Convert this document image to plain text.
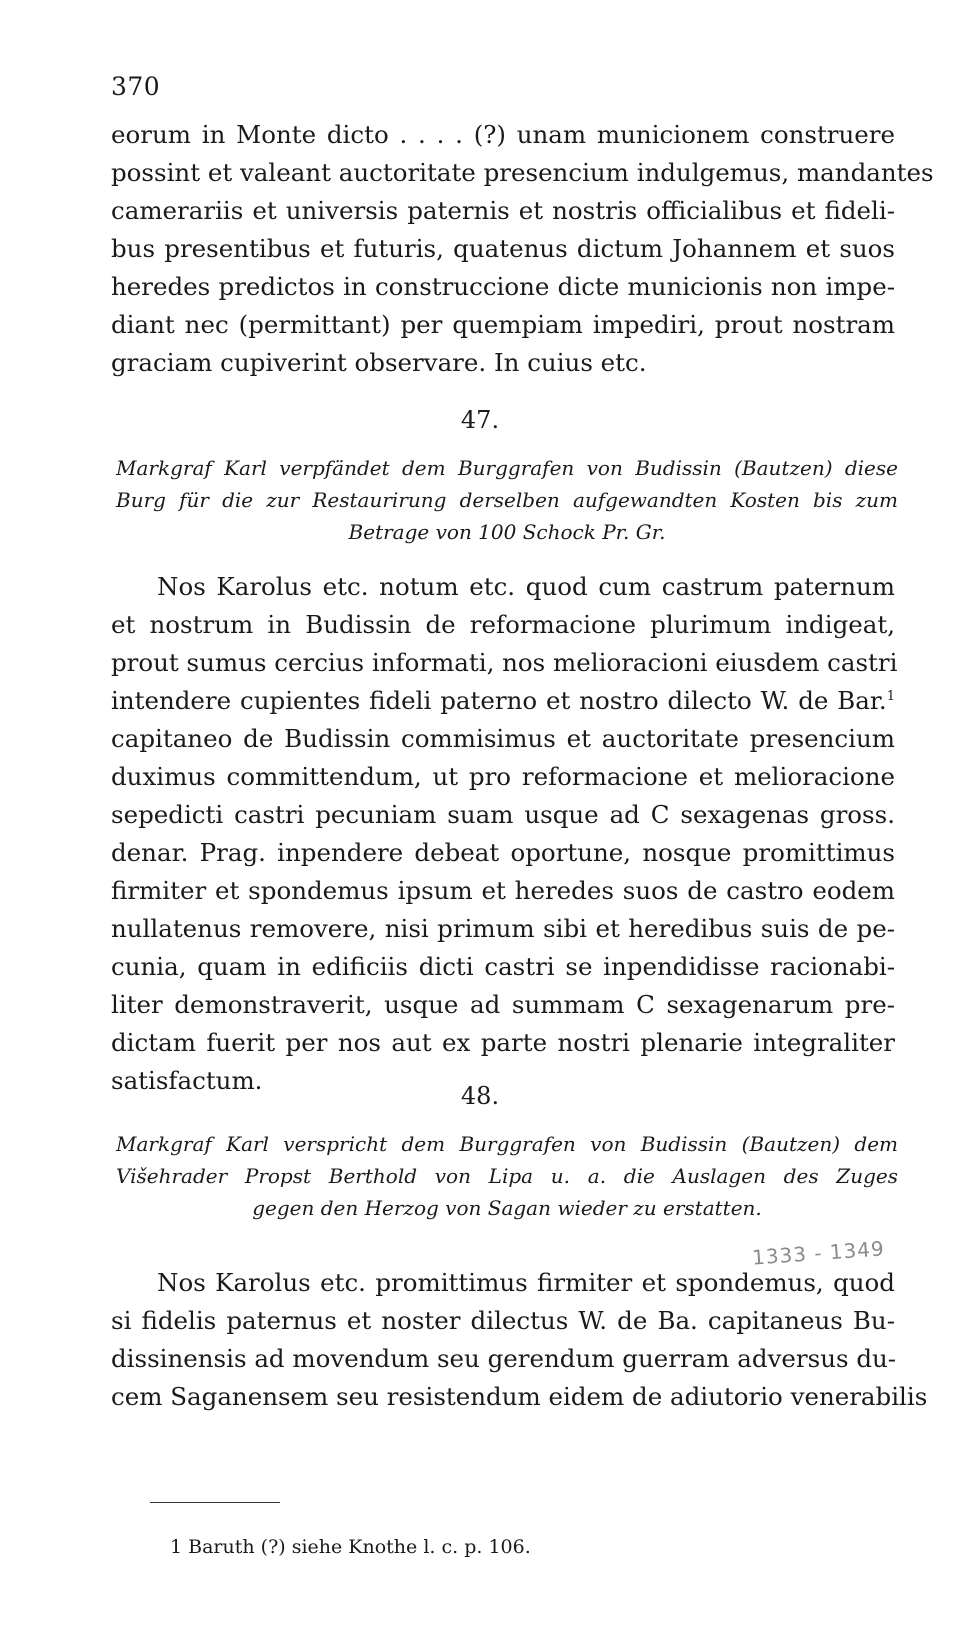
370
eorum in Monte dicto . . . . (?) unam municionem construere
possint et valeant auctoritate presencium indulgemus, mandantes
camerariis et universis paternis et nostris officialibus et fideli-
bus presentibus et futuris, quatenus dictum Johannem et suos
heredes predictos in construccione dicte municionis non impe-
diant nec (permittant) per quempiam impediri, prout nostram
graciam cupiverint observare. In cuius etc.
47.
Markgraf Karl verpfändet dem Burggrafen von Budissin (Bautzen) diese
Burg für die zur Restaurirung derselben aufgewandten Kosten bis zum
Betrage von 100 Schock Pr. Gr.
Nos Karolus etc. notum etc. quod cum castrum paternum
et nostrum in Budissin de reformacione plurimum indigeat,
prout sumus cercius informati, nos melioracioni eiusdem castri
intendere cupientes fideli paterno et nostro dilecto W. de Bar.$^1$
capitaneo de Budissin commisimus et auctoritate presencium
duximus committendum, ut pro reformacione et melioracione
sepedicti castri pecuniam suam usque ad C sexagenas gross.
denar. Prag. inpendere debeat oportune, nosque promittimus
firmiter et spondemus ipsum et heredes suos de castro eodem
nullatenus removere, nisi primum sibi et heredibus suis de pe-
cunia, quam in edificiis dicti castri se inpendidisse racionabi-
liter demonstraverit, usque ad summam C sexagenarum pre-
dictam fuerit per nos aut ex parte nostri plenarie integraliter
satisfactum.
48.
Markgraf Karl verspricht dem Burggrafen von Budissin (Bautzen) dem
Višehrader Propst Berthold von Lipa u. a. die Auslagen des Zuges
gegen den Herzog von Sagan wieder zu erstatten.
1333 - 1349
Nos Karolus etc. promittimus firmiter et spondemus, quod
si fidelis paternus et noster dilectus W. de Ba. capitaneus Bu-
dissinensis ad movendum seu gerendum guerram adversus du-
cem Saganensem seu resistendum eidem de adiutorio venerabilis
1 Baruth (?) siehe Knothe l. c. p. 106.
